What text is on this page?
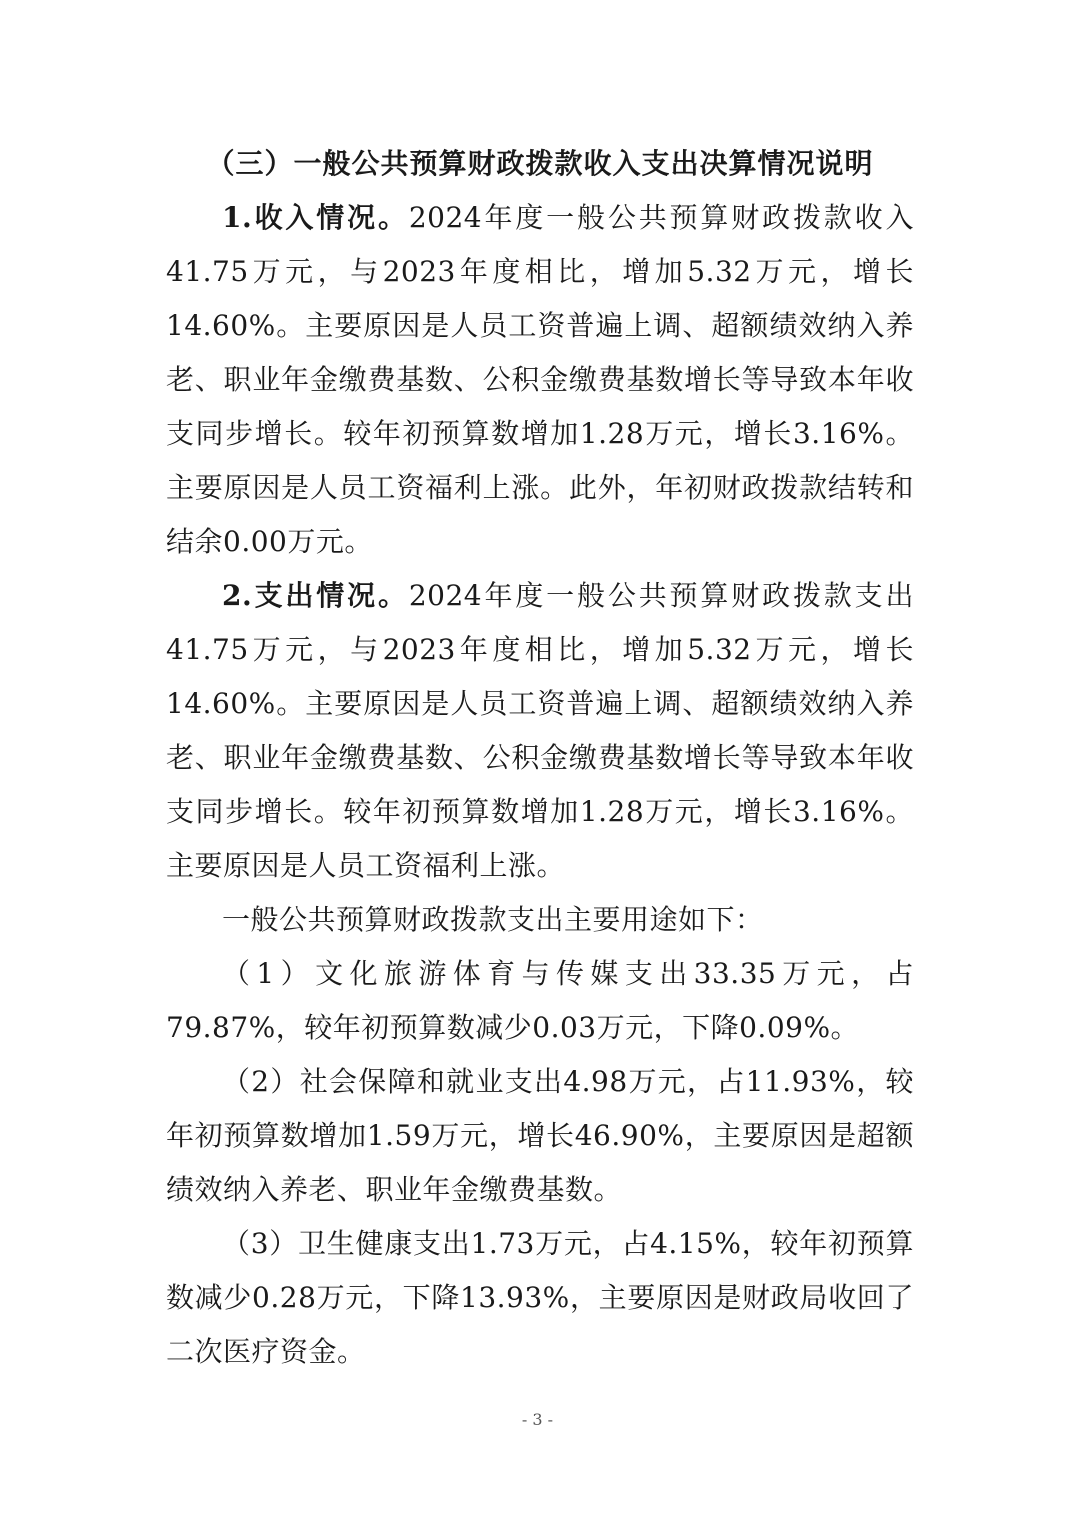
（三）一般公共预算财政拨款收入支出决算情况说明

1.收入情况。2024年度一般公共预算财政拨款收入41.75万元，与2023年度相比，增加5.32万元，增长14.60%。主要原因是人员工资普遍上调、超额绩效纳入养老、职业年金缴费基数、公积金缴费基数增长等导致本年收支同步增长。较年初预算数增加1.28万元，增长3.16%。主要原因是人员工资福利上涨。此外，年初财政拨款结转和结余0.00万元。

2.支出情况。2024年度一般公共预算财政拨款支出41.75万元，与2023年度相比，增加5.32万元，增长14.60%。主要原因是人员工资普遍上调、超额绩效纳入养老、职业年金缴费基数、公积金缴费基数增长等导致本年收支同步增长。较年初预算数增加1.28万元，增长3.16%。主要原因是人员工资福利上涨。

一般公共预算财政拨款支出主要用途如下：

（1）文化旅游体育与传媒支出33.35万元，占79.87%，较年初预算数减少0.03万元，下降0.09%。

（2）社会保障和就业支出4.98万元，占11.93%，较年初预算数增加1.59万元，增长46.90%，主要原因是超额绩效纳入养老、职业年金缴费基数。

（3）卫生健康支出1.73万元，占4.15%，较年初预算数减少0.28万元，下降13.93%，主要原因是财政局收回了二次医疗资金。

- 3 -
